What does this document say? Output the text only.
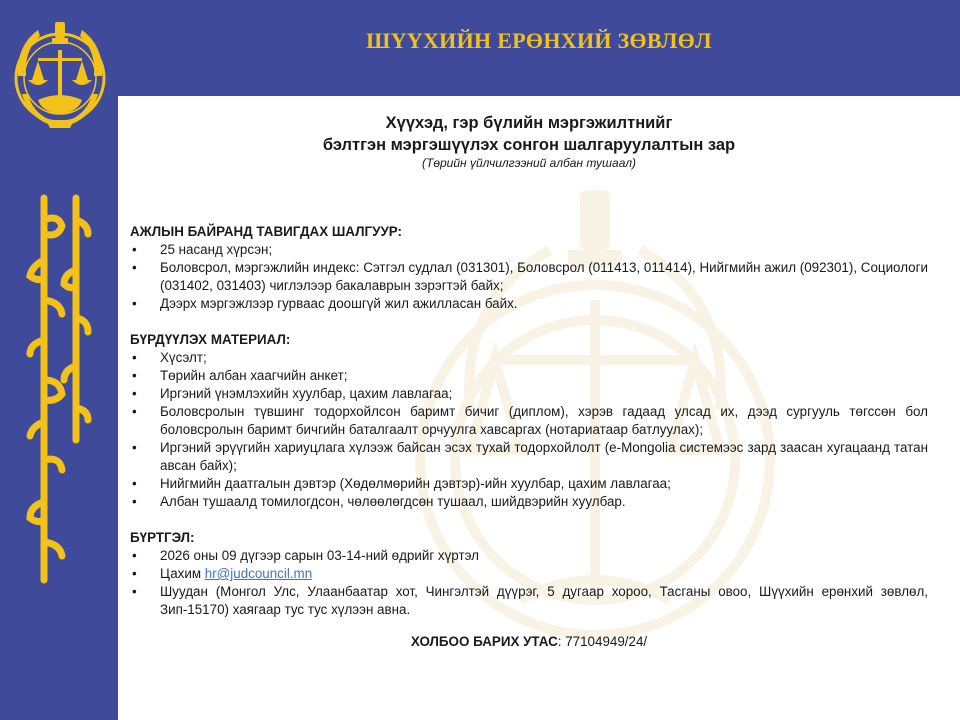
ШҮҮХИЙН ЕРӨНХИЙ ЗӨВЛӨЛ
Хүүхэд, гэр бүлийн мэргэжилтнийг
бэлтгэн мэргэшүүлэх сонгон шалгаруулалтын зар
(Төрийн үйлчилгээний албан тушаал)
АЖЛЫН БАЙРАНД ТАВИГДАХ ШАЛГУУР:
• 25 насанд хүрсэн;
• Боловсрол, мэргэжлийн индекс: Сэтгэл судлал (031301), Боловсрол (011413, 011414), Нийгмийн ажил (092301), Социологи (031402, 031403) чиглэлээр бакалаврын зэрэгтэй байх;
• Дээрх мэргэжлээр гурваас доошгүй жил ажилласан байх.
БҮРДҮҮЛЭХ МАТЕРИАЛ:
• Хүсэлт;
• Төрийн албан хаагчийн анкет;
• Иргэний үнэмлэхийн хуулбар, цахим лавлагаа;
• Боловсролын түвшинг тодорхойлсон баримт бичиг (диплом), хэрэв гадаад улсад их, дээд сургууль төгссөн бол боловсролын баримт бичгийн баталгаалт орчуулга хавсаргах (нотариатаар батлуулах);
• Иргэний эрүүгийн хариуцлага хүлээж байсан эсэх тухай тодорхойлолт (e-Mongolia системээс зард заасан хугацаанд татан авсан байх);
• Нийгмийн даатгалын дэвтэр (Хөдөлмөрийн дэвтэр)-ийн хуулбар, цахим лавлагаа;
• Албан тушаалд томилогдсон, чөлөөлөгдсөн тушаал, шийдвэрийн хуулбар.
БҮРТГЭЛ:
• 2026 оны 09 дүгээр сарын 03-14-ний өдрийг хүртэл
• Цахим hr@judcouncil.mn
• Шуудан (Монгол Улс, Улаанбаатар хот, Чингэлтэй дүүрэг, 5 дугаар хороо, Тасганы овоо, Шүүхийн ерөнхий зөвлөл, Зип-15170) хаягаар тус тус хүлээн авна.
ХОЛБОО БАРИХ УТАС: 77104949/24/
